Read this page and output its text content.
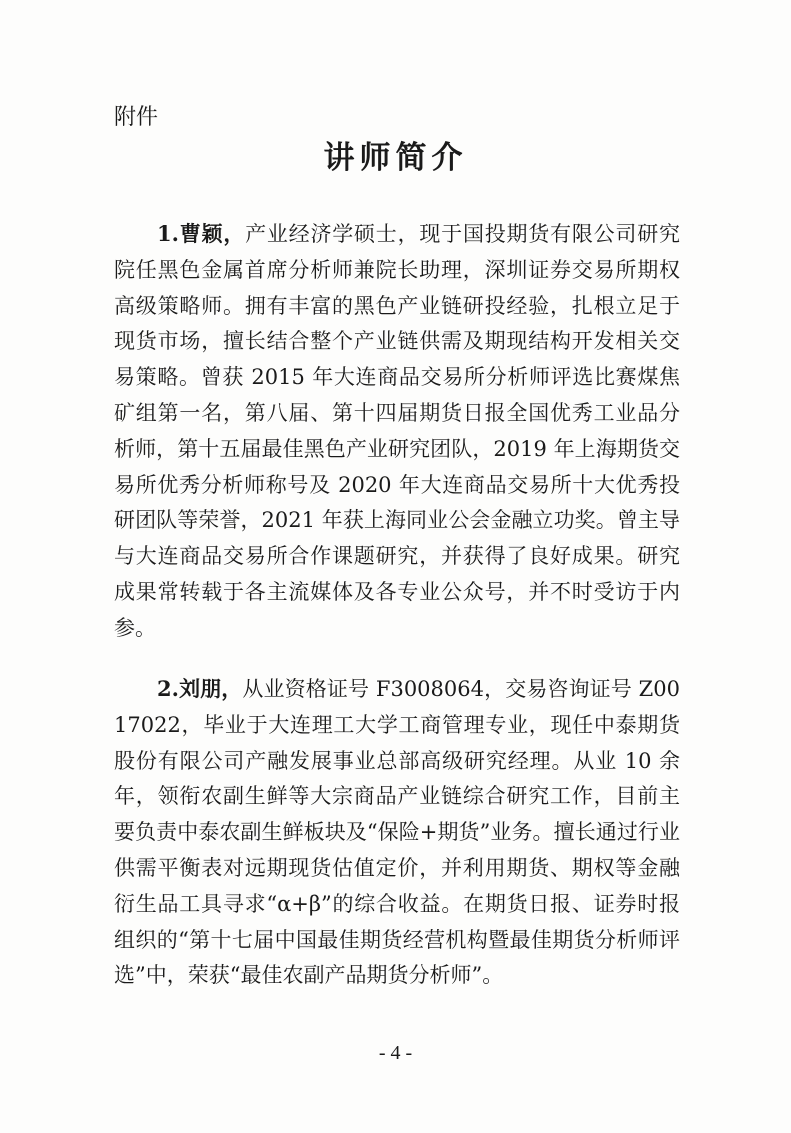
附件
讲师简介

1.曹颖，产业经济学硕士，现于国投期货有限公司研究院任黑色金属首席分析师兼院长助理，深圳证券交易所期权高级策略师。拥有丰富的黑色产业链研投经验，扎根立足于现货市场，擅长结合整个产业链供需及期现结构开发相关交易策略。曾获 2015 年大连商品交易所分析师评选比赛煤焦矿组第一名，第八届、第十四届期货日报全国优秀工业品分析师，第十五届最佳黑色产业研究团队，2019 年上海期货交易所优秀分析师称号及 2020 年大连商品交易所十大优秀投研团队等荣誉，2021 年获上海同业公会金融立功奖。曾主导与大连商品交易所合作课题研究，并获得了良好成果。研究成果常转载于各主流媒体及各专业公众号，并不时受访于内参。

2.刘朋，从业资格证号 F3008064，交易咨询证号 Z0017022，毕业于大连理工大学工商管理专业，现任中泰期货股份有限公司产融发展事业总部高级研究经理。从业 10 余年，领衔农副生鲜等大宗商品产业链综合研究工作，目前主要负责中泰农副生鲜板块及“保险+期货”业务。擅长通过行业供需平衡表对远期现货估值定价，并利用期货、期权等金融衍生品工具寻求“α+β”的综合收益。在期货日报、证券时报组织的“第十七届中国最佳期货经营机构暨最佳期货分析师评选”中，荣获“最佳农副产品期货分析师”。

- 4 -
